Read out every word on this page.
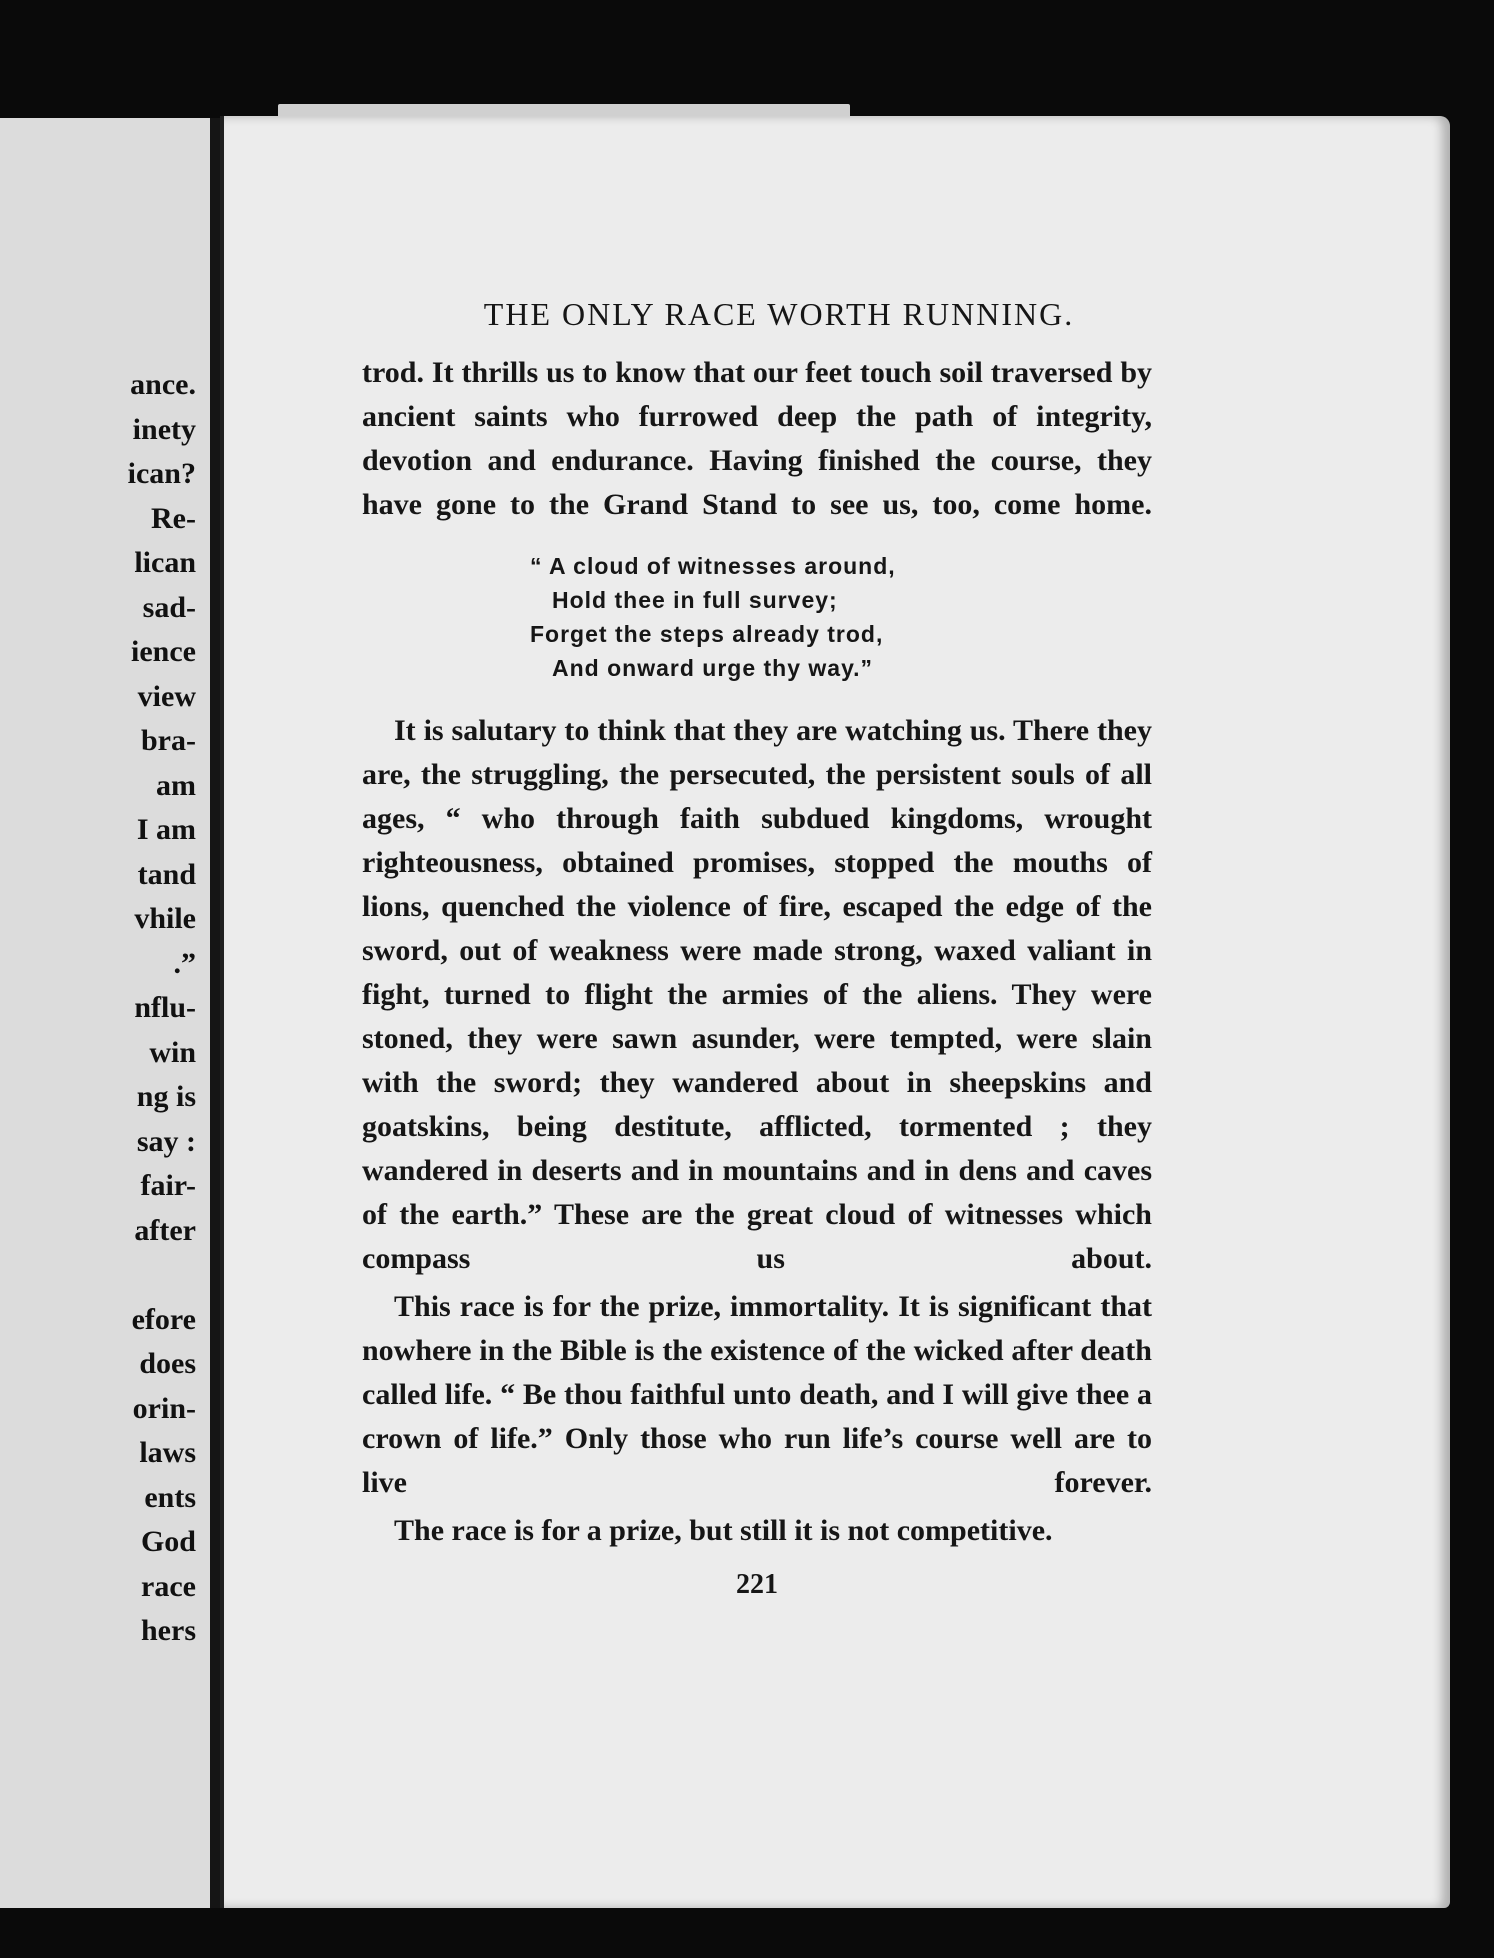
ance.

inety

ican?

Re-

lican

sad-

ience

view

bra-

am

I am

tand

vhile

.”

nflu-

win

ng is

say :

fair-

after

efore

does

orin-

laws

ents

God

race

hers

THE ONLY RACE WORTH RUNNING.

trod. It thrills us to know that our feet touch soil traversed by ancient saints who furrowed deep the path of integrity, devotion and endurance. Having finished the course, they have gone to the Grand Stand to see us, too, come home.

“ A cloud of witnesses around,
Hold thee in full survey;
Forget the steps already trod,
And onward urge thy way.”

It is salutary to think that they are watching us. There they are, the struggling, the persecuted, the persistent souls of all ages, “ who through faith subdued kingdoms, wrought righteousness, obtained promises, stopped the mouths of lions, quenched the violence of fire, escaped the edge of the sword, out of weakness were made strong, waxed valiant in fight, turned to flight the armies of the aliens. They were stoned, they were sawn asunder, were tempted, were slain with the sword; they wandered about in sheepskins and goatskins, being destitute, afflicted, tormented ; they wandered in deserts and in mountains and in dens and caves of the earth.” These are the great cloud of witnesses which compass us about.

This race is for the prize, immortality. It is significant that nowhere in the Bible is the existence of the wicked after death called life. “ Be thou faithful unto death, and I will give thee a crown of life.” Only those who run life’s course well are to live forever.

The race is for a prize, but still it is not competitive.

221
